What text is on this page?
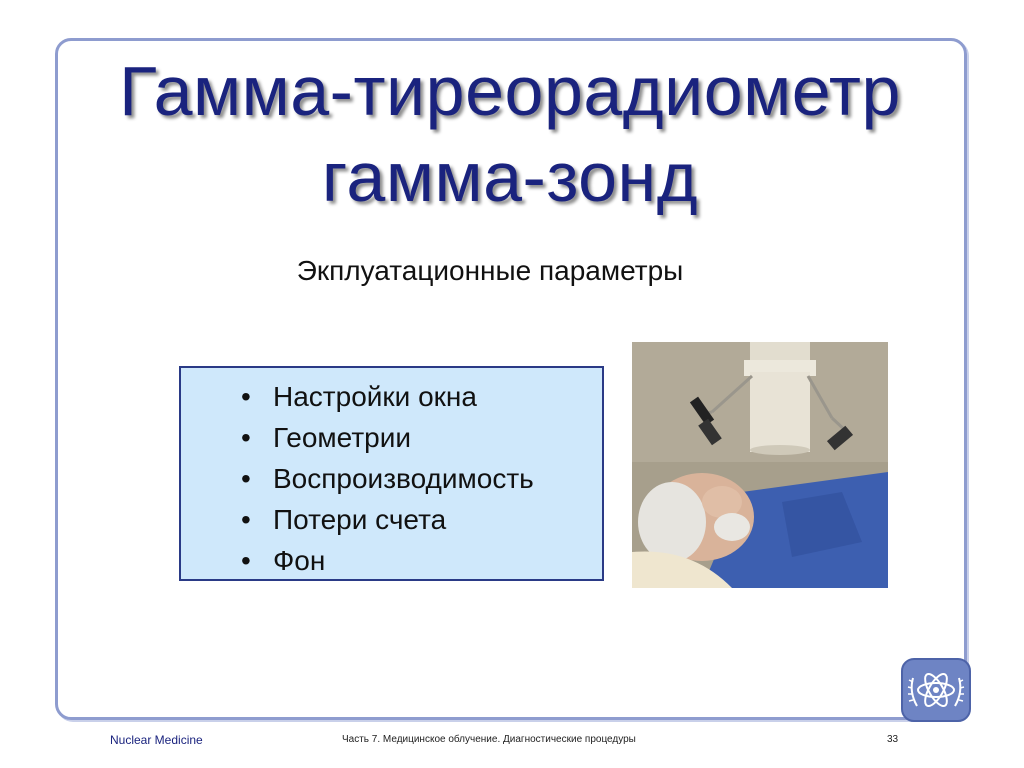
Гамма-тиреорадиометр
гамма-зонд
Экплуатационные параметры
• Настройки окна
• Геометрии
• Воспроизводимость
• Потери счета
• Фон
Nuclear Medicine	Часть 7. Медицинское облучение. Диагностические процедуры	33
